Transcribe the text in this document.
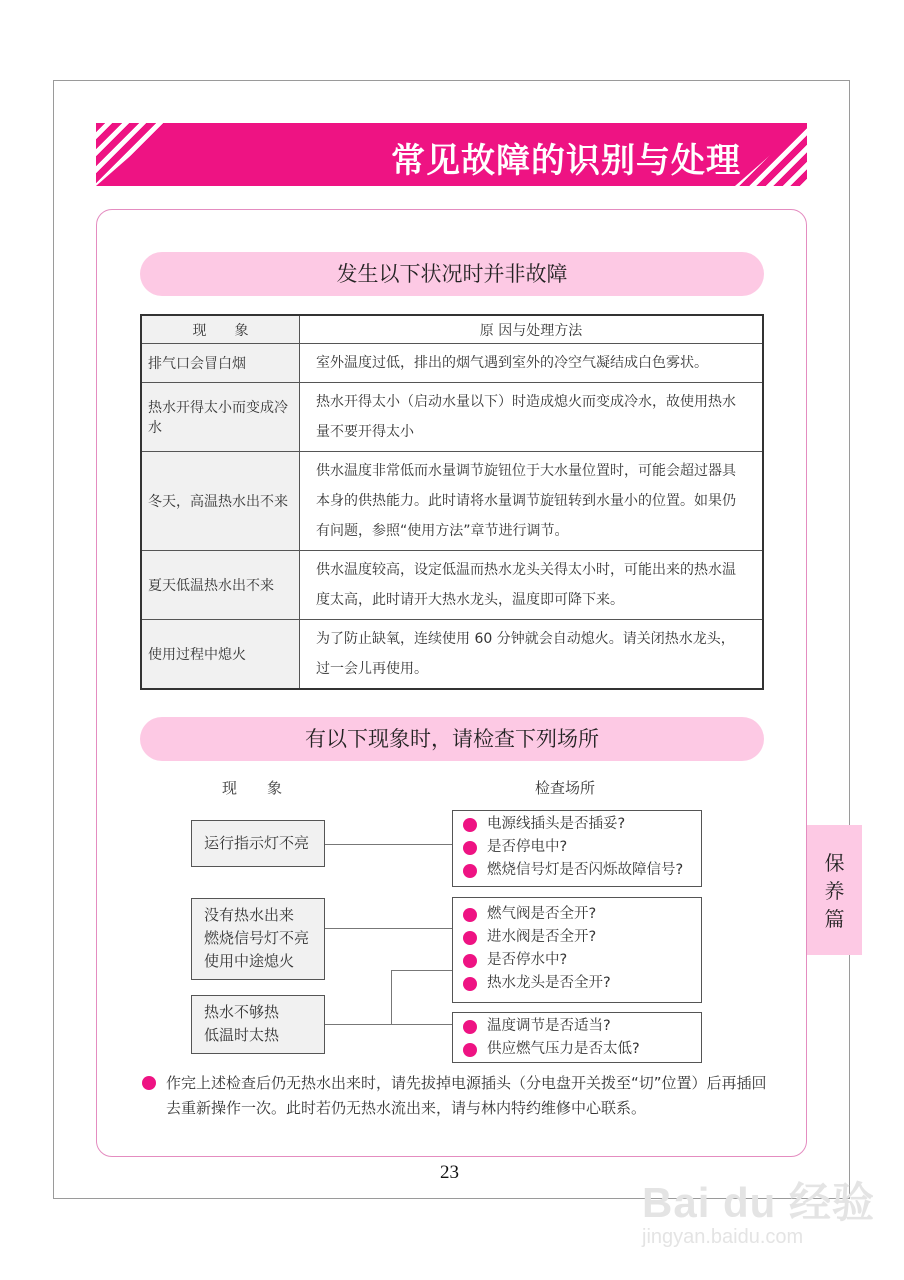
常见故障的识别与处理
发生以下状况时并非故障
现　　象	原 因与处理方法
排气口会冒白烟	室外温度过低，排出的烟气遇到室外的冷空气凝结成白色雾状。
热水开得太小而变成冷水	热水开得太小（启动水量以下）时造成熄火而变成冷水，故使用热水量不要开得太小
冬天，高温热水出不来	供水温度非常低而水量调节旋钮位于大水量位置时，可能会超过器具本身的供热能力。此时请将水量调节旋钮转到水量小的位置。如果仍有问题，参照“使用方法”章节进行调节。
夏天低温热水出不来	供水温度较高，设定低温而热水龙头关得太小时，可能出来的热水温度太高，此时请开大热水龙头，温度即可降下来。
使用过程中熄火	为了防止缺氧，连续使用 60 分钟就会自动熄火。请关闭热水龙头，过一会儿再使用。
有以下现象时，请检查下列场所
现　　象	检查场所
运行指示灯不亮
没有热水出来
燃烧信号灯不亮
使用中途熄火
热水不够热
低温时太热
电源线插头是否插妥?
是否停电中?
燃烧信号灯是否闪烁故障信号?
燃气阀是否全开?
进水阀是否全开?
是否停水中?
热水龙头是否全开?
温度调节是否适当?
供应燃气压力是否太低?
作完上述检查后仍无热水出来时，请先拔掉电源插头（分电盘开关拨至“切”位置）后再插回去重新操作一次。此时若仍无热水流出来，请与林内特约维修中心联系。
保
养
篇
23
Bai du 经验
jingyan.baidu.com
